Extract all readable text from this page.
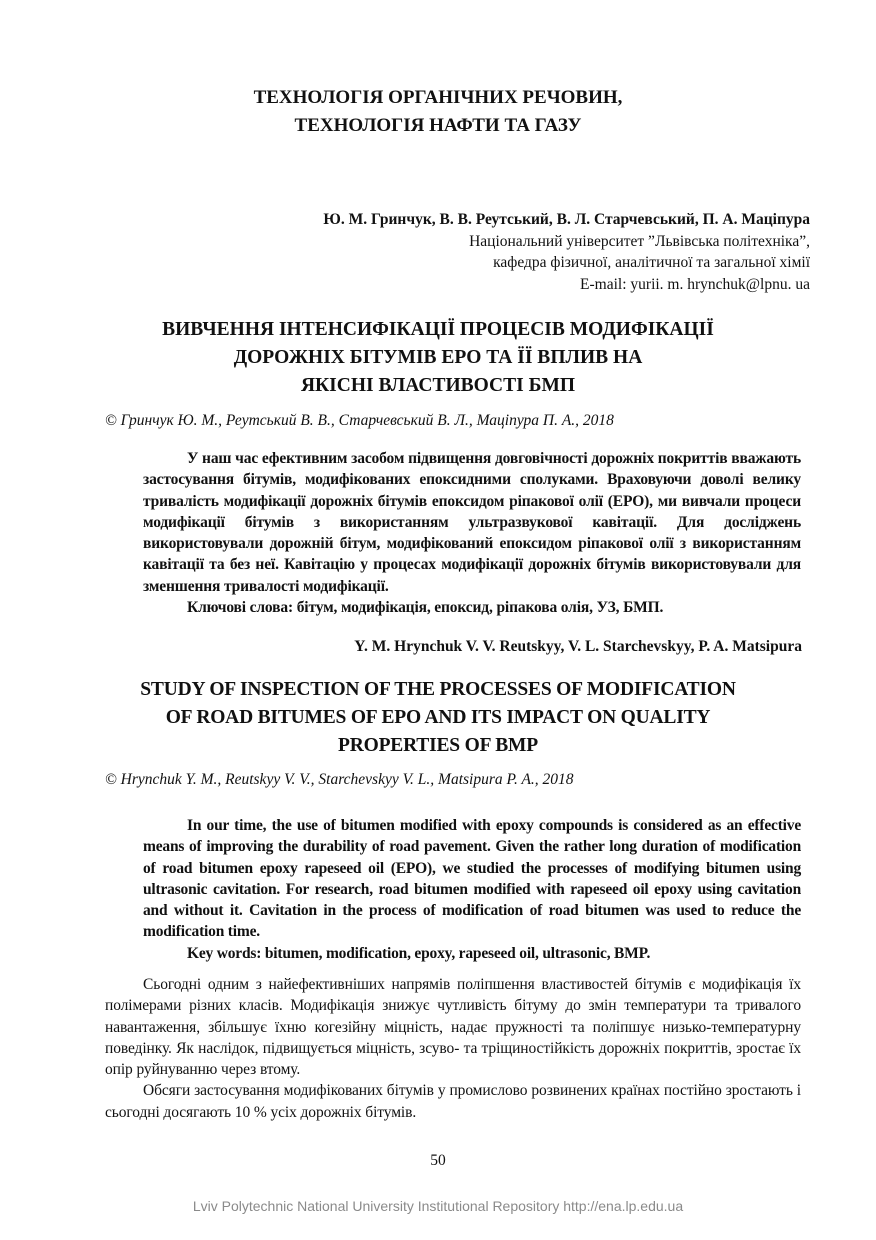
ТЕХНОЛОГІЯ ОРГАНІЧНИХ РЕЧОВИН,
ТЕХНОЛОГІЯ НАФТИ ТА ГАЗУ
Ю. М. Гринчук, В. В. Реутський, В. Л. Старчевський, П. А. Маціпура
Національний університет ”Львівська політехніка”,
кафедра фізичної, аналітичної та загальної хімії
E-mail: yurii. m. hrynchuk@lpnu. ua
ВИВЧЕННЯ ІНТЕНСИФІКАЦІЇ ПРОЦЕСІВ МОДИФІКАЦІЇ
ДОРОЖНІХ БІТУМІВ ЕРО ТА ЇЇ ВПЛИВ НА
ЯКІСНІ ВЛАСТИВОСТІ БМП
© Гринчук Ю. М., Реутський В. В., Старчевський В. Л., Маціпура П. А., 2018

У наш час ефективним засобом підвищення довговічності дорожніх покриттів вважають застосування бітумів, модифікованих епоксидними сполуками. Враховуючи доволі велику тривалість модифікації дорожніх бітумів епоксидом ріпакової олії (ЕРО), ми вивчали процеси модифікації бітумів з використанням ультразвукової кавітації. Для досліджень використовували дорожній бітум, модифікований епоксидом ріпакової олії з використанням кавітації та без неї. Кавітацію у процесах модифікації дорожніх бітумів використовували для зменшення тривалості модифікації.

Ключові слова: бітум, модифікація, епоксид, ріпакова олія, УЗ, БМП.

Y. M. Hrynchuk V. V. Reutskyy, V. L. Starchevskyy, P. A. Matsipura
STUDY OF INSPECTION OF THE PROCESSES OF MODIFICATION
OF ROAD BITUMES OF EPO AND ITS IMPACT ON QUALITY
PROPERTIES OF BMP
© Hrynchuk Y. M., Reutskyy V. V., Starchevskyy V. L., Matsipura P. A., 2018

In our time, the use of bitumen modified with epoxy compounds is considered as an effective means of improving the durability of road pavement. Given the rather long duration of modification of road bitumen epoxy rapeseed oil (EPO), we studied the processes of modifying bitumen using ultrasonic cavitation. For research, road bitumen modified with rapeseed oil epoxy using cavitation and without it. Cavitation in the process of modification of road bitumen was used to reduce the modification time.

Key words: bitumen, modification, epoxy, rapeseed oil, ultrasonic, BMP.

Сьогодні одним з найефективніших напрямів поліпшення властивостей бітумів є модифікація їх полімерами різних класів. Модифікація знижує чутливість бітуму до змін температури та тривалого навантаження, збільшує їхню когезійну міцність, надає пружності та поліпшує низько-температурну поведінку. Як наслідок, підвищується міцність, зсуво- та тріщиностійкість дорожніх покриттів, зростає їх опір руйнуванню через втому.

Обсяги застосування модифікованих бітумів у промислово розвинених країнах постійно зростають і сьогодні досягають 10 % усіх дорожніх бітумів.

50
Lviv Polytechnic National University Institutional Repository http://ena.lp.edu.ua
